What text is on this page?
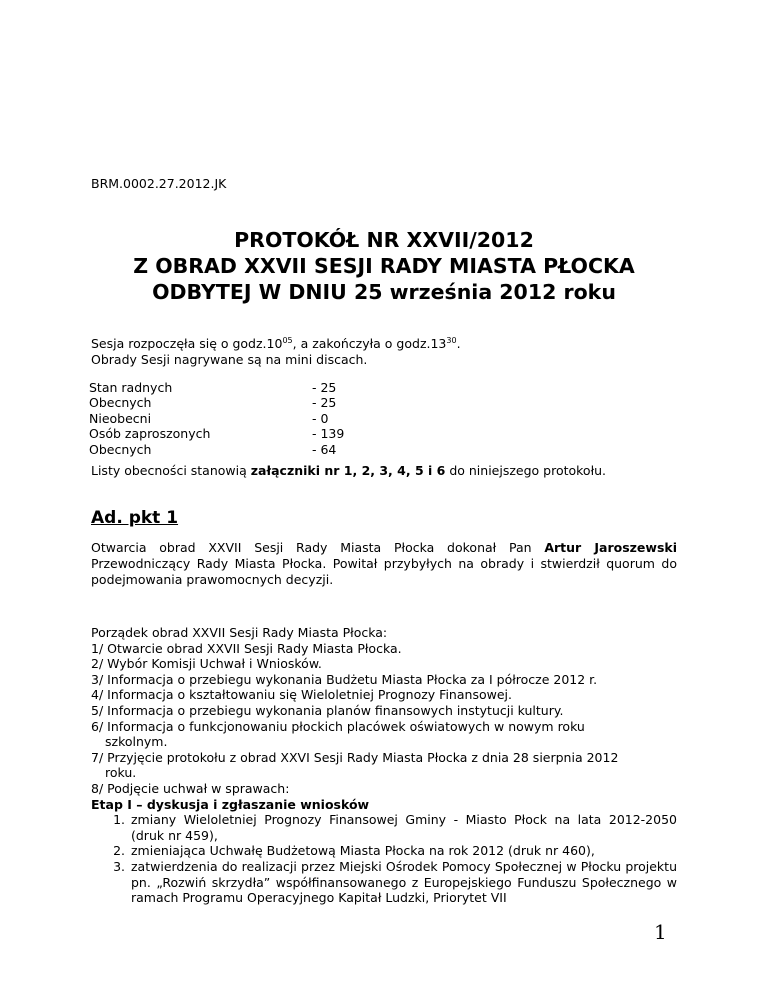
BRM.0002.27.2012.JK
PROTOKÓŁ NR XXVII/2012
Z OBRAD XXVII SESJI RADY MIASTA PŁOCKA
ODBYTEJ W DNIU 25 września 2012 roku
Sesja rozpoczęła się o $godz.10^{05}$, a zakończyła o $godz.13^{30}$.
Obrady Sesji nagrywane są na mini discach.
Stan radnych	- 25
Obecnych	- 25
Nieobecni	- 0
Osób zaproszonych	- 139
Obecnych	- 64
Listy obecności stanowią załączniki nr 1, 2, 3, 4, 5 i 6 do niniejszego protokołu.
Ad. pkt 1
Otwarcia obrad XXVII Sesji Rady Miasta Płocka dokonał Pan Artur Jaroszewski Przewodniczący Rady Miasta Płocka. Powitał przybyłych na obrady i stwierdził quorum do podejmowania prawomocnych decyzji.
Porządek obrad XXVII Sesji Rady Miasta Płocka:
1/ Otwarcie obrad XXVII Sesji Rady Miasta Płocka.
2/ Wybór Komisji Uchwał i Wniosków.
3/ Informacja o przebiegu wykonania Budżetu Miasta Płocka za I półrocze 2012 r.
4/ Informacja o kształtowaniu się Wieloletniej Prognozy Finansowej.
5/ Informacja o przebiegu wykonania planów finansowych instytucji kultury.
6/ Informacja o funkcjonowaniu płockich placówek oświatowych w nowym roku
szkolnym.
7/ Przyjęcie protokołu z obrad XXVI Sesji Rady Miasta Płocka z dnia 28 sierpnia 2012
roku.
8/ Podjęcie uchwał w sprawach:
Etap I – dyskusja i zgłaszanie wniosków
1. zmiany Wieloletniej Prognozy Finansowej Gminy - Miasto Płock na lata 2012-2050 (druk nr 459),
2. zmieniająca Uchwałę Budżetową Miasta Płocka na rok 2012 (druk nr 460),
3. zatwierdzenia do realizacji przez Miejski Ośrodek Pomocy Społecznej w Płocku projektu pn. „Rozwiń skrzydła” współfinansowanego z Europejskiego Funduszu Społecznego w ramach Programu Operacyjnego Kapitał Ludzki, Priorytet VII
1
